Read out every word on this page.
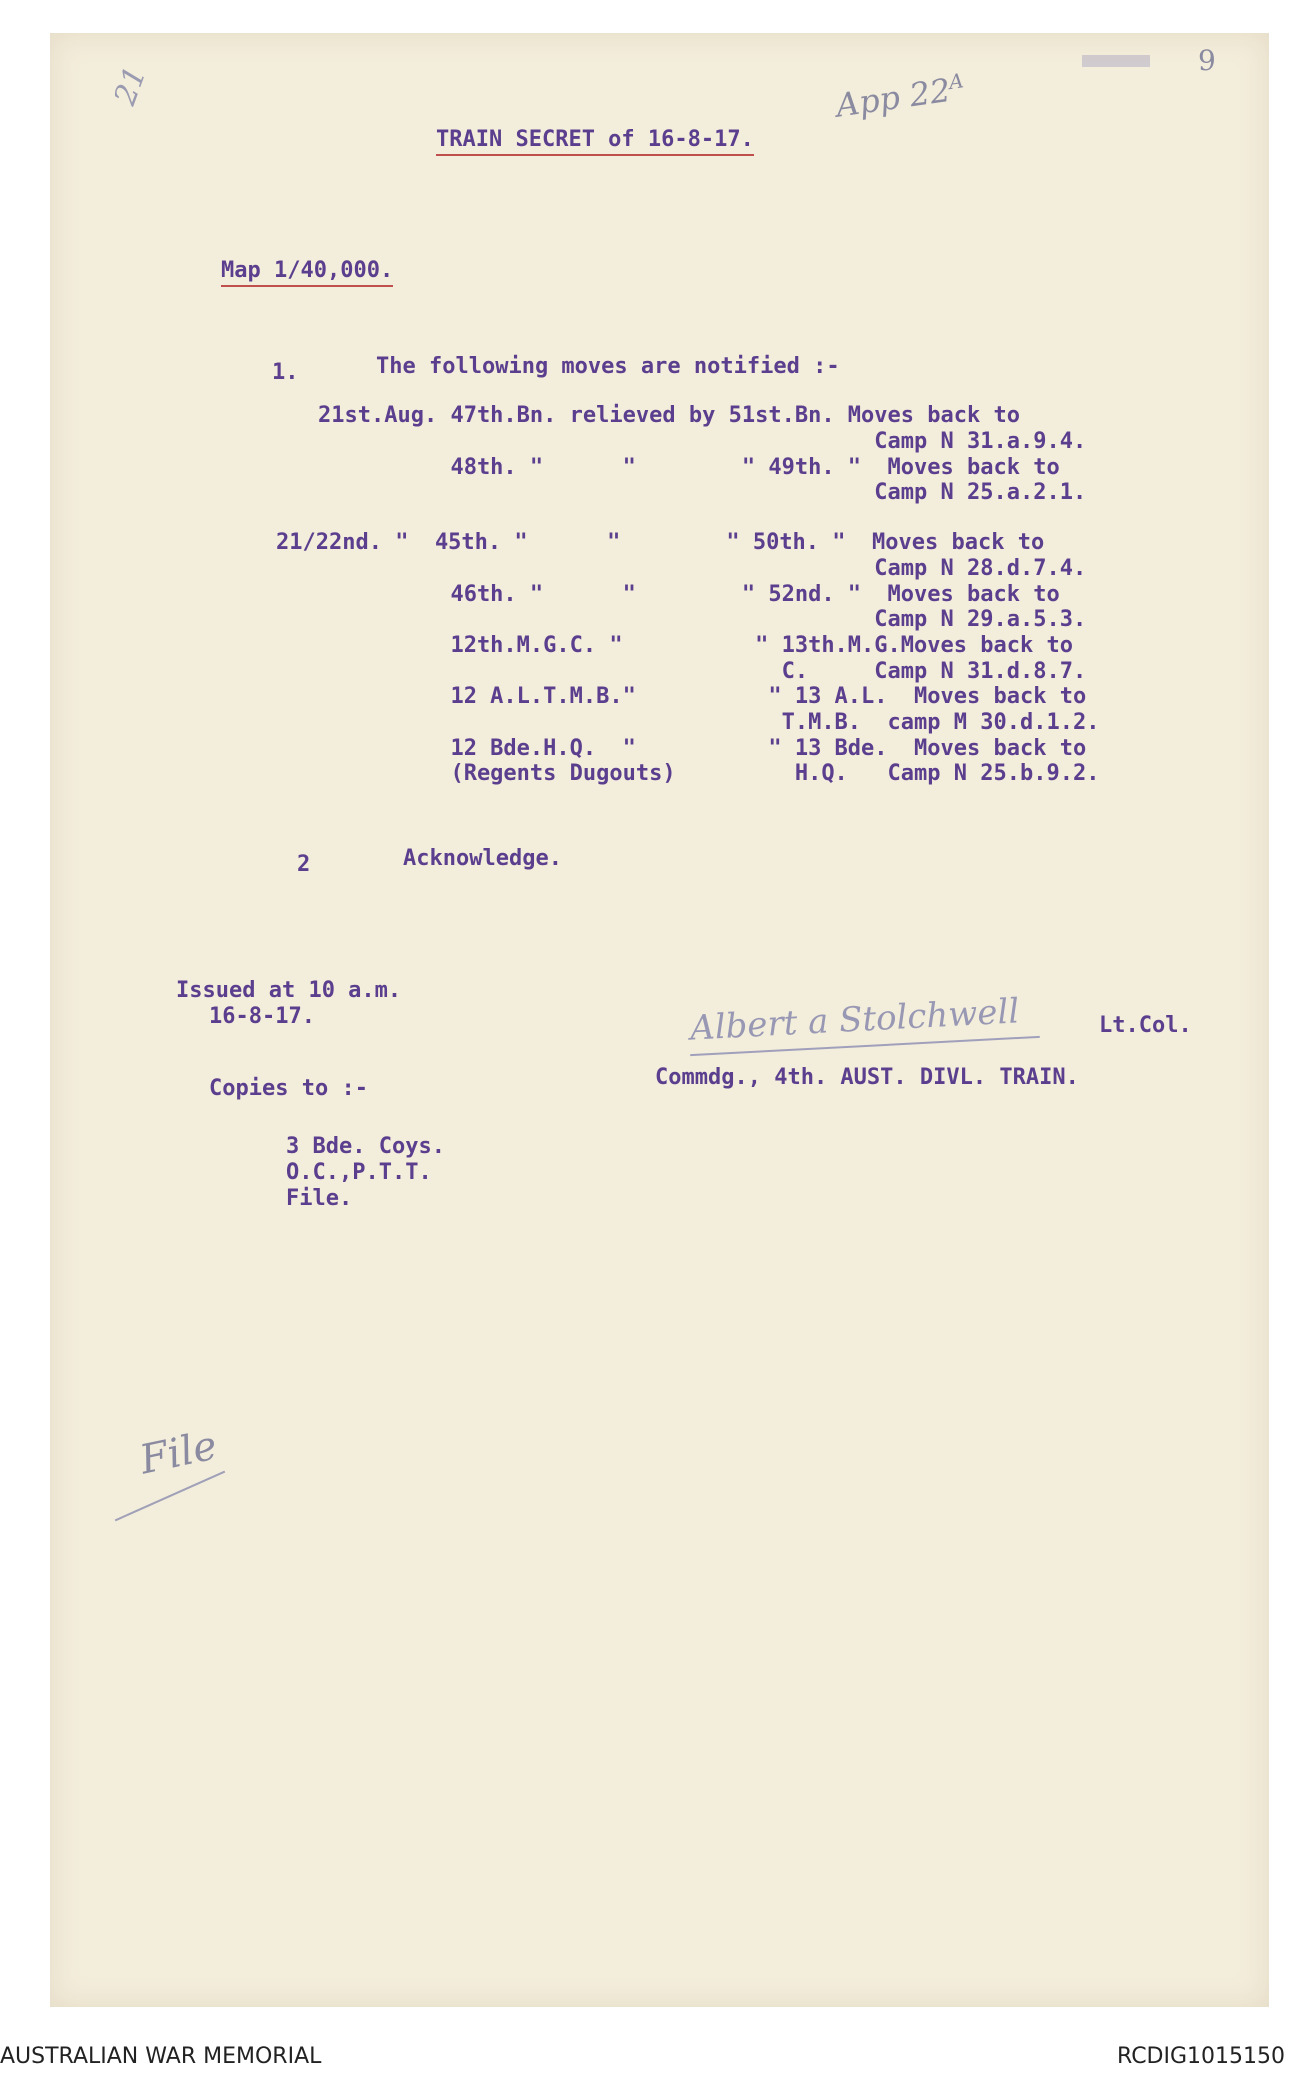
21	App $22^A$

9
TRAIN SECRET of 16-8-17.
Map 1/40,000.
1.	The following moves are notified :-
21st.Aug. 47th.Bn. relieved by 51st.Bn. Moves back to
Camp N 31.a.9.4.
48th. "      "        " 49th. "  Moves back to
Camp N 25.a.2.1.
21/22nd. "  45th. "      "        " 50th. "  Moves back to
Camp N 28.d.7.4.
46th. "      "        " 52nd. "  Moves back to
Camp N 29.a.5.3.
12th.M.G.C. "          " 13th.M.G.Moves back to
C.     Camp N 31.d.8.7.
12 A.L.T.M.B."          " 13 A.L.  Moves back to
T.M.B.  camp M 30.d.1.2.
12 Bde.H.Q.  "          " 13 Bde.  Moves back to
(Regents Dugouts)         H.Q.   Camp N 25.b.9.2.
2	Acknowledge.
Issued at 10 a.m.
16-8-17.	Albert a Stolchwell	Lt.Col.
Commdg., 4th. AUST. DIVL. TRAIN.
Copies to :-
3 Bde. Coys.
O.C.,P.T.T.
File.
File
AUSTRALIAN WAR MEMORIAL	RCDIG1015150
